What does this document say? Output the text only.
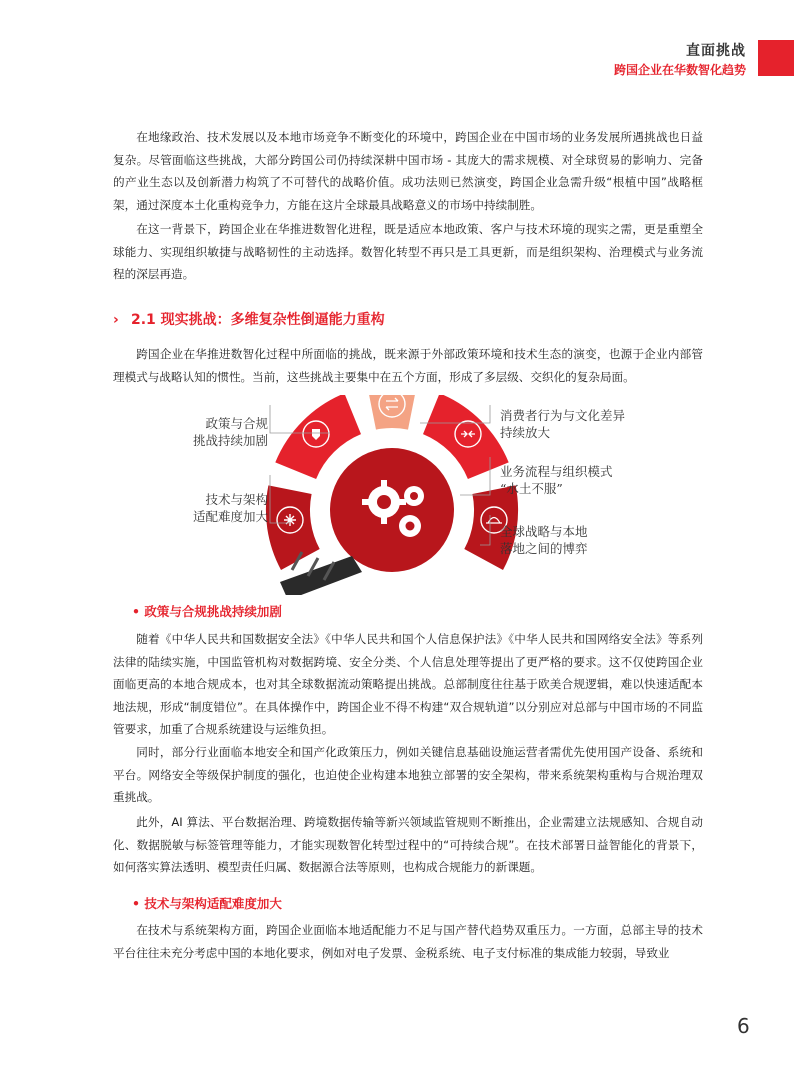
直面挑战
跨国企业在华数智化趋势

在地缘政治、技术发展以及本地市场竞争不断变化的环境中，跨国企业在中国市场的业务发展所遇挑战也日益复杂。尽管面临这些挑战，大部分跨国公司仍持续深耕中国市场 - 其庞大的需求规模、对全球贸易的影响力、完备的产业生态以及创新潜力构筑了不可替代的战略价值。成功法则已然演变，跨国企业急需升级“根植中国”战略框架，通过深度本土化重构竞争力，方能在这片全球最具战略意义的市场中持续制胜。

在这一背景下，跨国企业在华推进数智化进程，既是适应本地政策、客户与技术环境的现实之需，更是重塑全球能力、实现组织敏捷与战略韧性的主动选择。数智化转型不再只是工具更新，而是组织架构、治理模式与业务流程的深层再造。

› 2.1 现实挑战：多维复杂性倒逼能力重构

跨国企业在华推进数智化过程中所面临的挑战，既来源于外部政策环境和技术生态的演变，也源于企业内部管理模式与战略认知的惯性。当前，这些挑战主要集中在五个方面，形成了多层级、交织化的复杂局面。

政策与合规
挑战持续加剧
技术与架构
适配难度加大
消费者行为与文化差异
持续放大
业务流程与组织模式
“水土不服”
全球战略与本地
落地之间的博弈
• 政策与合规挑战持续加剧

随着《中华人民共和国数据安全法》《中华人民共和国个人信息保护法》《中华人民共和国网络安全法》等系列法律的陆续实施，中国监管机构对数据跨境、安全分类、个人信息处理等提出了更严格的要求。这不仅使跨国企业面临更高的本地合规成本，也对其全球数据流动策略提出挑战。总部制度往往基于欧美合规逻辑，难以快速适配本地法规，形成“制度错位”。在具体操作中，跨国企业不得不构建“双合规轨道”以分别应对总部与中国市场的不同监管要求，加重了合规系统建设与运维负担。

同时，部分行业面临本地安全和国产化政策压力，例如关键信息基础设施运营者需优先使用国产设备、系统和平台。网络安全等级保护制度的强化，也迫使企业构建本地独立部署的安全架构，带来系统架构重构与合规治理双重挑战。

此外，AI 算法、平台数据治理、跨境数据传输等新兴领域监管规则不断推出，企业需建立法规感知、合规自动化、数据脱敏与标签管理等能力，才能实现数智化转型过程中的“可持续合规”。在技术部署日益智能化的背景下，如何落实算法透明、模型责任归属、数据源合法等原则，也构成合规能力的新课题。

• 技术与架构适配难度加大

在技术与系统架构方面，跨国企业面临本地适配能力不足与国产替代趋势双重压力。一方面，总部主导的技术平台往往未充分考虑中国的本地化要求，例如对电子发票、金税系统、电子支付标准的集成能力较弱，导致业

6
